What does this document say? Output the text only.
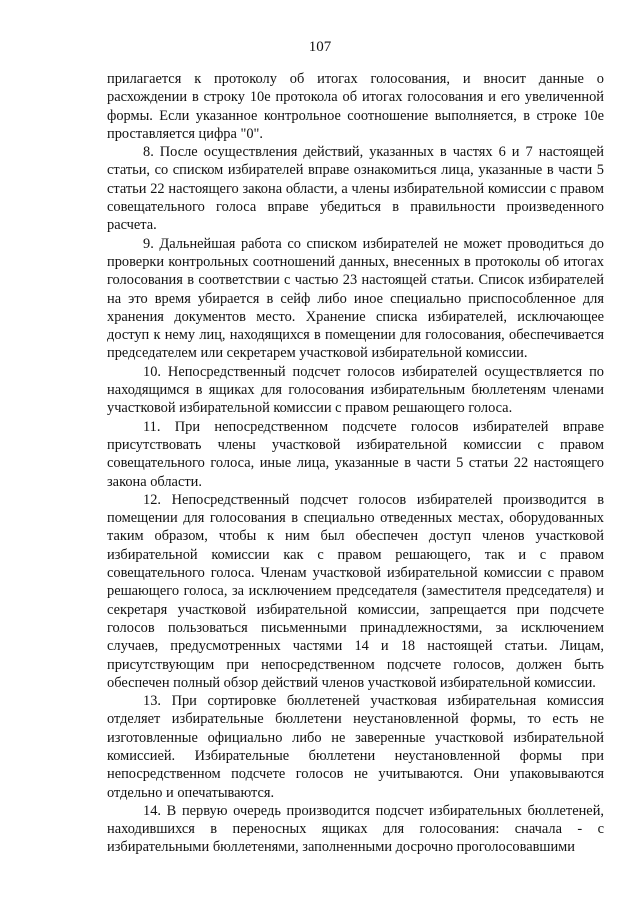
107

прилагается к протоколу об итогах голосования, и вносит данные о расхождении в строку 10е протокола об итогах голосования и его увеличенной формы. Если указанное контрольное соотношение выполняется, в строке 10е проставляется цифра "0".

8. После осуществления действий, указанных в частях 6 и 7 настоящей статьи, со списком избирателей вправе ознакомиться лица, указанные в части 5 статьи 22 настоящего закона области, а члены избирательной комиссии с правом совещательного голоса вправе убедиться в правильности произведенного расчета.

9. Дальнейшая работа со списком избирателей не может проводиться до проверки контрольных соотношений данных, внесенных в протоколы об итогах голосования в соответствии с частью 23 настоящей статьи. Список избирателей на это время убирается в сейф либо иное специально приспособленное для хранения документов место. Хранение списка избирателей, исключающее доступ к нему лиц, находящихся в помещении для голосования, обеспечивается председателем или секретарем участковой избирательной комиссии.

10. Непосредственный подсчет голосов избирателей осуществляется по находящимся в ящиках для голосования избирательным бюллетеням членами участковой избирательной комиссии с правом решающего голоса.

11. При непосредственном подсчете голосов избирателей вправе присутствовать члены участковой избирательной комиссии с правом совещательного голоса, иные лица, указанные в части 5 статьи 22 настоящего закона области.

12. Непосредственный подсчет голосов избирателей производится в помещении для голосования в специально отведенных местах, оборудованных таким образом, чтобы к ним был обеспечен доступ членов участковой избирательной комиссии как с правом решающего, так и с правом совещательного голоса. Членам участковой избирательной комиссии с правом решающего голоса, за исключением председателя (заместителя председателя) и секретаря участковой избирательной комиссии, запрещается при подсчете голосов пользоваться письменными принадлежностями, за исключением случаев, предусмотренных частями 14 и 18 настоящей статьи. Лицам, присутствующим при непосредственном подсчете голосов, должен быть обеспечен полный обзор действий членов участковой избирательной комиссии.

13. При сортировке бюллетеней участковая избирательная комиссия отделяет избирательные бюллетени неустановленной формы, то есть не изготовленные официально либо не заверенные участковой избирательной комиссией. Избирательные бюллетени неустановленной формы при непосредственном подсчете голосов не учитываются. Они упаковываются отдельно и опечатываются.

14. В первую очередь производится подсчет избирательных бюллетеней, находившихся в переносных ящиках для голосования: сначала - с избирательными бюллетенями, заполненными досрочно проголосовавшими
